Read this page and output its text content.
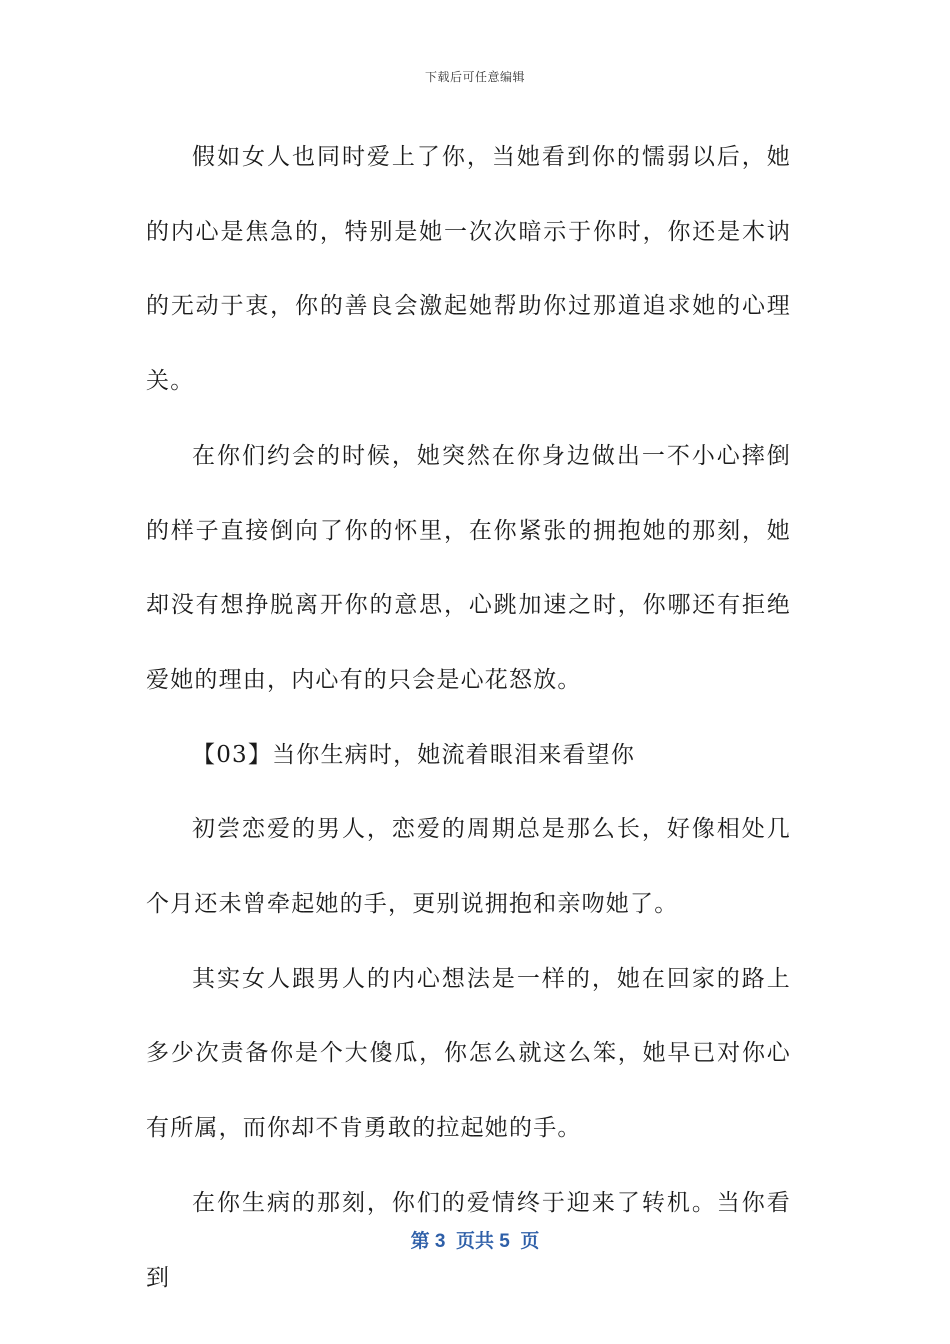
下载后可任意编辑

假如女人也同时爱上了你，当她看到你的懦弱以后，她的内心是焦急的，特别是她一次次暗示于你时，你还是木讷的无动于衷，你的善良会激起她帮助你过那道追求她的心理关。

在你们约会的时候，她突然在你身边做出一不小心摔倒的样子直接倒向了你的怀里，在你紧张的拥抱她的那刻，她却没有想挣脱离开你的意思，心跳加速之时，你哪还有拒绝爱她的理由，内心有的只会是心花怒放。

【03】当你生病时，她流着眼泪来看望你

初尝恋爱的男人，恋爱的周期总是那么长，好像相处几个月还未曾牵起她的手，更别说拥抱和亲吻她了。

其实女人跟男人的内心想法是一样的，她在回家的路上多少次责备你是个大傻瓜，你怎么就这么笨，她早已对你心有所属，而你却不肯勇敢的拉起她的手。

在你生病的那刻，你们的爱情终于迎来了转机。当你看到

第 3  页共 5  页
